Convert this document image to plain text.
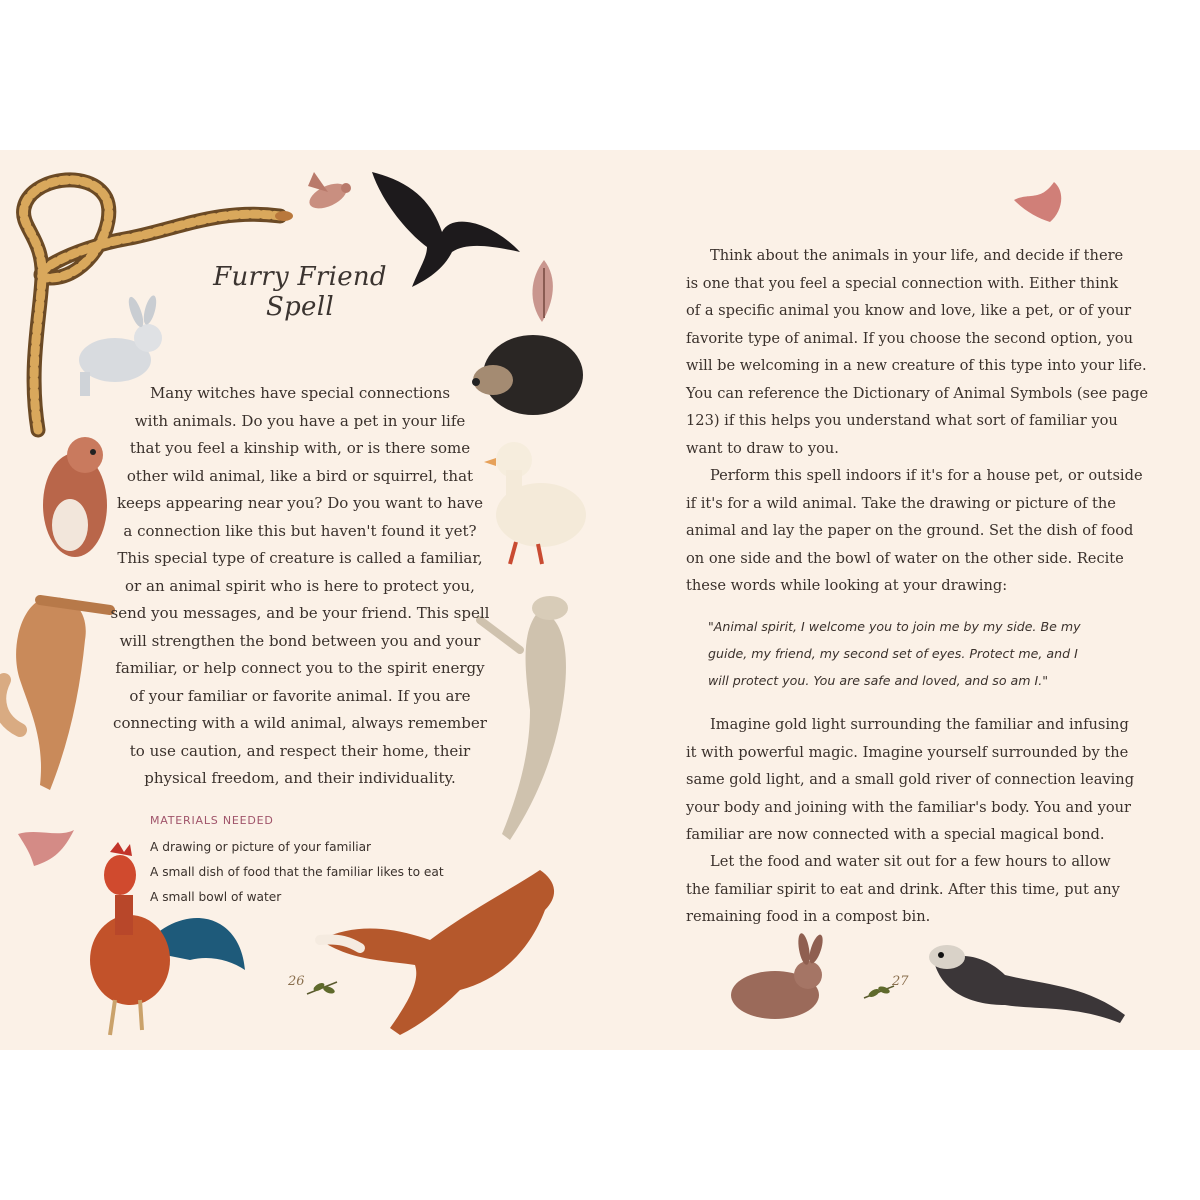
Furry Friend Spell
Many witches have special connections
with animals. Do you have a pet in your life
that you feel a kinship with, or is there some
other wild animal, like a bird or squirrel, that
keeps appearing near you? Do you want to have
a connection like this but haven't found it yet?
This special type of creature is called a familiar,
or an animal spirit who is here to protect you,
send you messages, and be your friend. This spell
will strengthen the bond between you and your
familiar, or help connect you to the spirit energy
of your familiar or favorite animal. If you are
connecting with a wild animal, always remember
to use caution, and respect their home, their
physical freedom, and their individuality.
MATERIALS NEEDED
A drawing or picture of your familiar
A small dish of food that the familiar likes to eat
A small bowl of water
26
Think about the animals in your life, and decide if there
is one that you feel a special connection with. Either think
of a specific animal you know and love, like a pet, or of your
favorite type of animal. If you choose the second option, you
will be welcoming in a new creature of this type into your life.
You can reference the Dictionary of Animal Symbols (see page
123) if this helps you understand what sort of familiar you
want to draw to you.
Perform this spell indoors if it's for a house pet, or outside
if it's for a wild animal. Take the drawing or picture of the
animal and lay the paper on the ground. Set the dish of food
on one side and the bowl of water on the other side. Recite
these words while looking at your drawing:
"Animal spirit, I welcome you to join me by my side. Be my
guide, my friend, my second set of eyes. Protect me, and I
will protect you. You are safe and loved, and so am I."
Imagine gold light surrounding the familiar and infusing
it with powerful magic. Imagine yourself surrounded by the
same gold light, and a small gold river of connection leaving
your body and joining with the familiar's body. You and your
familiar are now connected with a special magical bond.
Let the food and water sit out for a few hours to allow
the familiar spirit to eat and drink. After this time, put any
remaining food in a compost bin.
27
